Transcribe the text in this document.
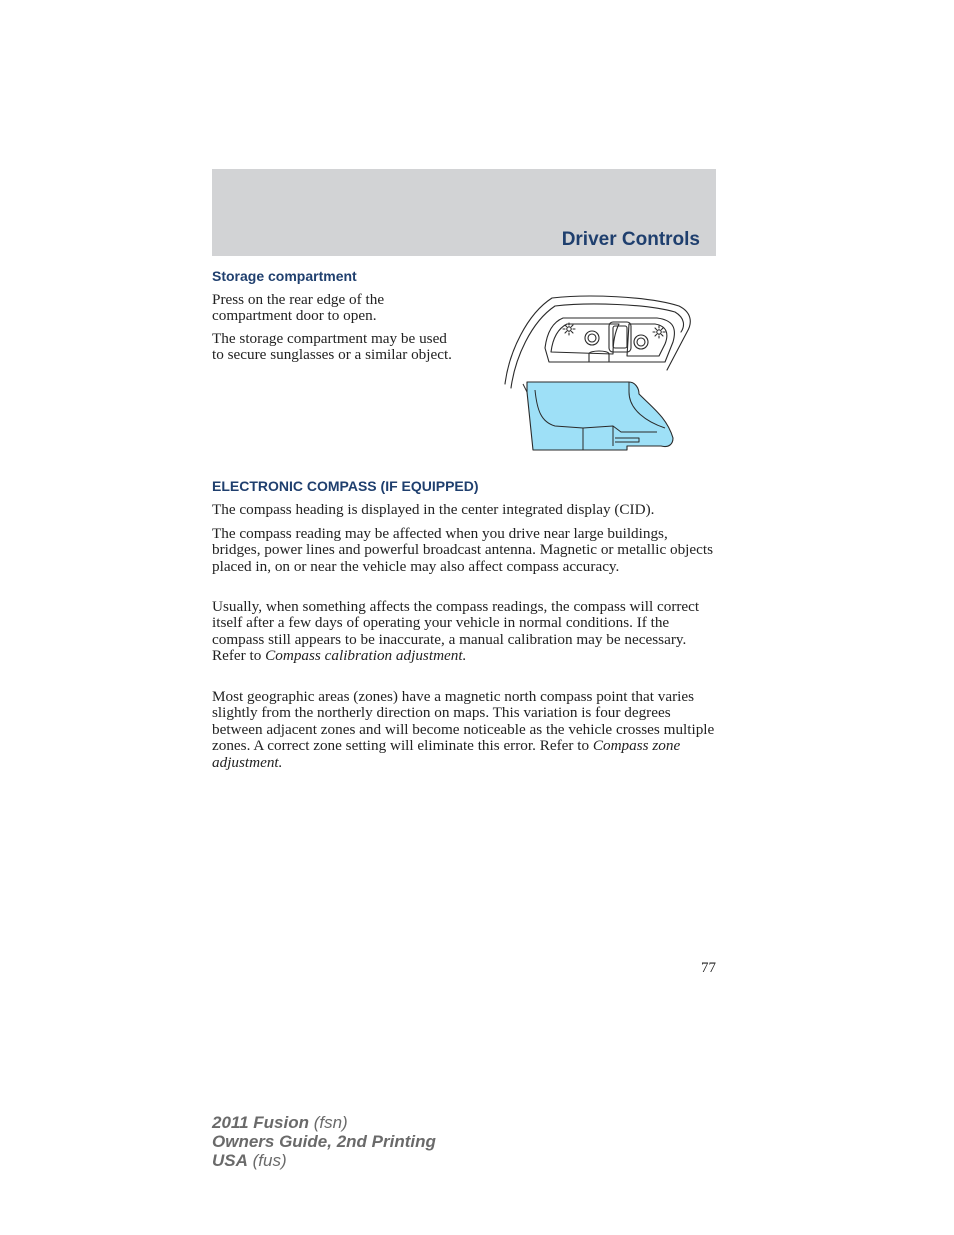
Driver Controls
Storage compartment

Press on the rear edge of the compartment door to open.

The storage compartment may be used to secure sunglasses or a similar object.

ELECTRONIC COMPASS (IF EQUIPPED)

The compass heading is displayed in the center integrated display (CID).

The compass reading may be affected when you drive near large buildings, bridges, power lines and powerful broadcast antenna. Magnetic or metallic objects placed in, on or near the vehicle may also affect compass accuracy.

Usually, when something affects the compass readings, the compass will correct itself after a few days of operating your vehicle in normal conditions. If the compass still appears to be inaccurate, a manual calibration may be necessary. Refer to Compass calibration adjustment.

Most geographic areas (zones) have a magnetic north compass point that varies slightly from the northerly direction on maps. This variation is four degrees between adjacent zones and will become noticeable as the vehicle crosses multiple zones. A correct zone setting will eliminate this error. Refer to Compass zone adjustment.

77
2011 Fusion (fsn)
Owners Guide, 2nd Printing
USA (fus)
